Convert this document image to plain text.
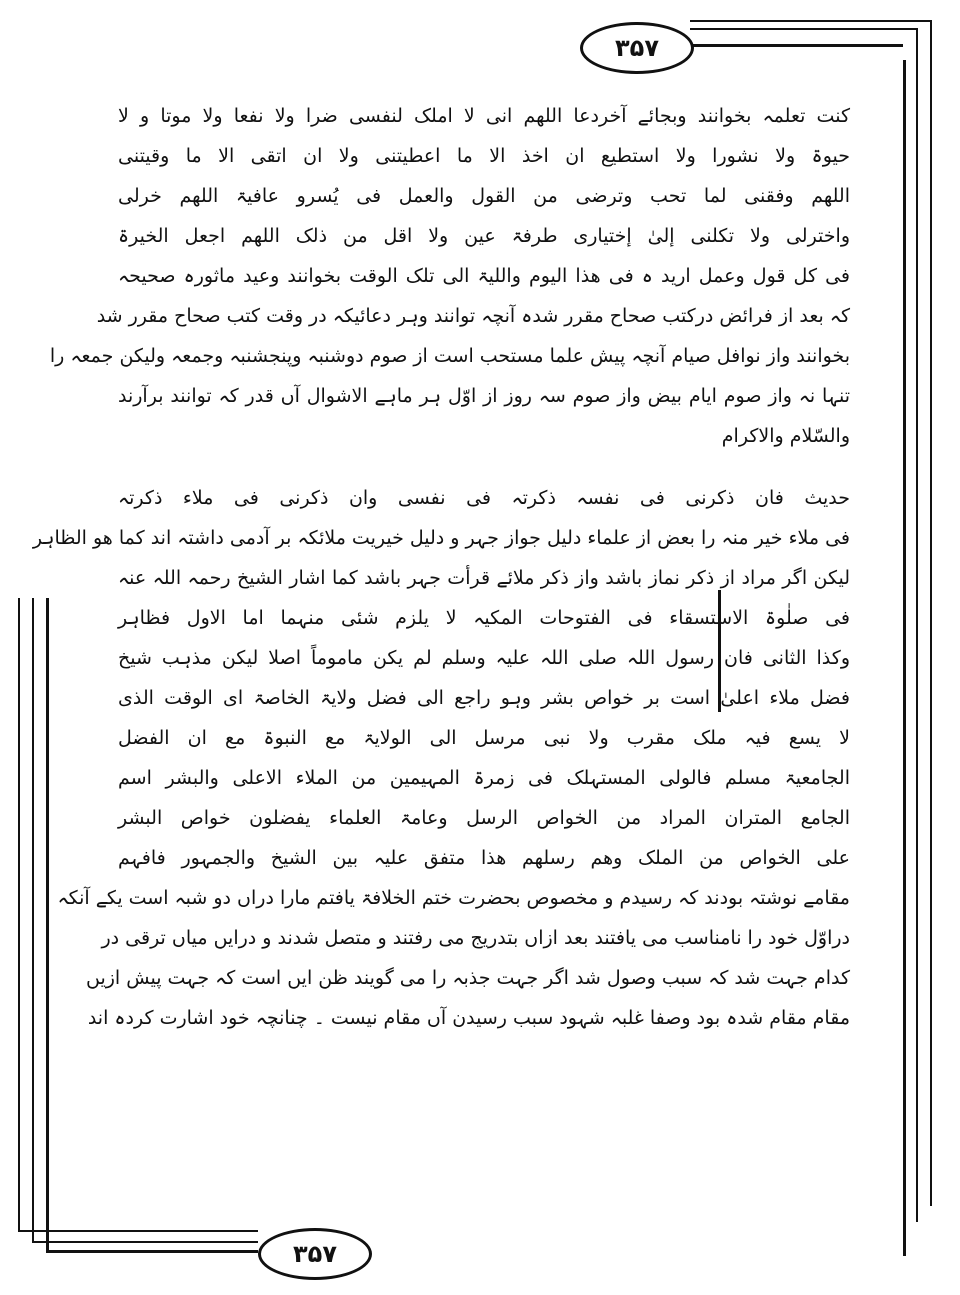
۳۵۷
کنت تعلمہ بخوانند وبجائے آخردعا اللھم انی لا املک لنفسی ضرا ولا نفعا ولا موتا و لا
حیوۃ ولا نشورا ولا استطیع ان اخذ الا ما اعطیتنی ولا ان اتقی الا ما وقیتنی
اللھم وفقنی لما تحب وترضی من القول والعمل فی یُسرو عافیۃ اللھم خرلی
واخترلی ولا تکلنی إلیٰ إختیاری طرفۃ عین ولا اقل من ذلک اللھم اجعل الخیرۃ
فی کل قول وعمل ارید ہ فی ھذا الیوم واللیۃ الی تلک الوقت بخوانند وعید ماثورہ صحیحہ
کہ بعد از فرائض درکتب صحاح مقرر شدہ آنچہ توانند وہر دعائیکہ در وقت کتب صحاح مقرر شد
بخوانند واز نوافل صیام آنچہ پیش علما مستحب است از صوم دوشنبہ وپنجشنبہ وجمعہ ولیکن جمعہ را
تنہا نہ واز صوم ایام بیض واز صوم سہ روز از اوّل ہر ماہے الاشوال آں قدر کہ توانند برآرند
والسّلام والاکرام
حدیث فان ذکرنی فی نفسہ ذکرتہ فی نفسی وان ذکرنی فی ملاء ذکرتہ
فی ملاء خیر منہ را بعض از علماء دلیل جواز جہر و دلیل خیریت ملائکہ بر آدمی داشتہ اند کما ھو الظاہر
لیکن اگر مراد از ذکر نماز باشد واز ذکر ملائے قرأت جہر باشد کما اشار الشیخ رحمہ اللہ عنہ
فی صلٰوۃ الاستسقاء فی الفتوحات المکیہ لا یلزم شئی منہما اما الاول فظاہر
وکذا الثانی فان رسول اللہ صلی اللہ علیہ وسلم لم یکن ماموماً اصلا لیکن مذہب شیخ
فضل ملاء اعلیٰ است بر خواص بشر وہو راجع الی فضل ولایۃ الخاصۃ ای الوقت الذی
لا یسع فیہ ملک مقرب ولا نبی مرسل الی الولایۃ مع النبوۃ مع ان الفضل
الجامعیۃ مسلم فالولی المستہلک فی زمرۃ المہیمین من الملاء الاعلی والبشر اسم
الجامع المتران المراد من الخواص الرسل وعامۃ العلماء یفضلون خواص البشر
علی الخواص من الملک وھم رسلھم ھذا متفق علیہ بین الشیخ والجمہور فافہم
مقامے نوشتہ بودند کہ رسیدم و مخصوص بحضرت ختم الخلافۃ یافتم مارا دراں دو شبہ است یکے آنکہ
دراوّل خود را نامناسب می یافتند بعد ازاں بتدریج می رفتند و متصل شدند و درایں میاں ترقی در
کدام جہت شد کہ سبب وصول شد اگر جہت جذبہ را می گویند ظن ایں است کہ جہت پیش ازیں
مقام مقام شدہ بود وصفا غلبہ شہود سبب رسیدن آں مقام نیست ۔ چنانچہ خود اشارت کردہ اند
۳۵۷
